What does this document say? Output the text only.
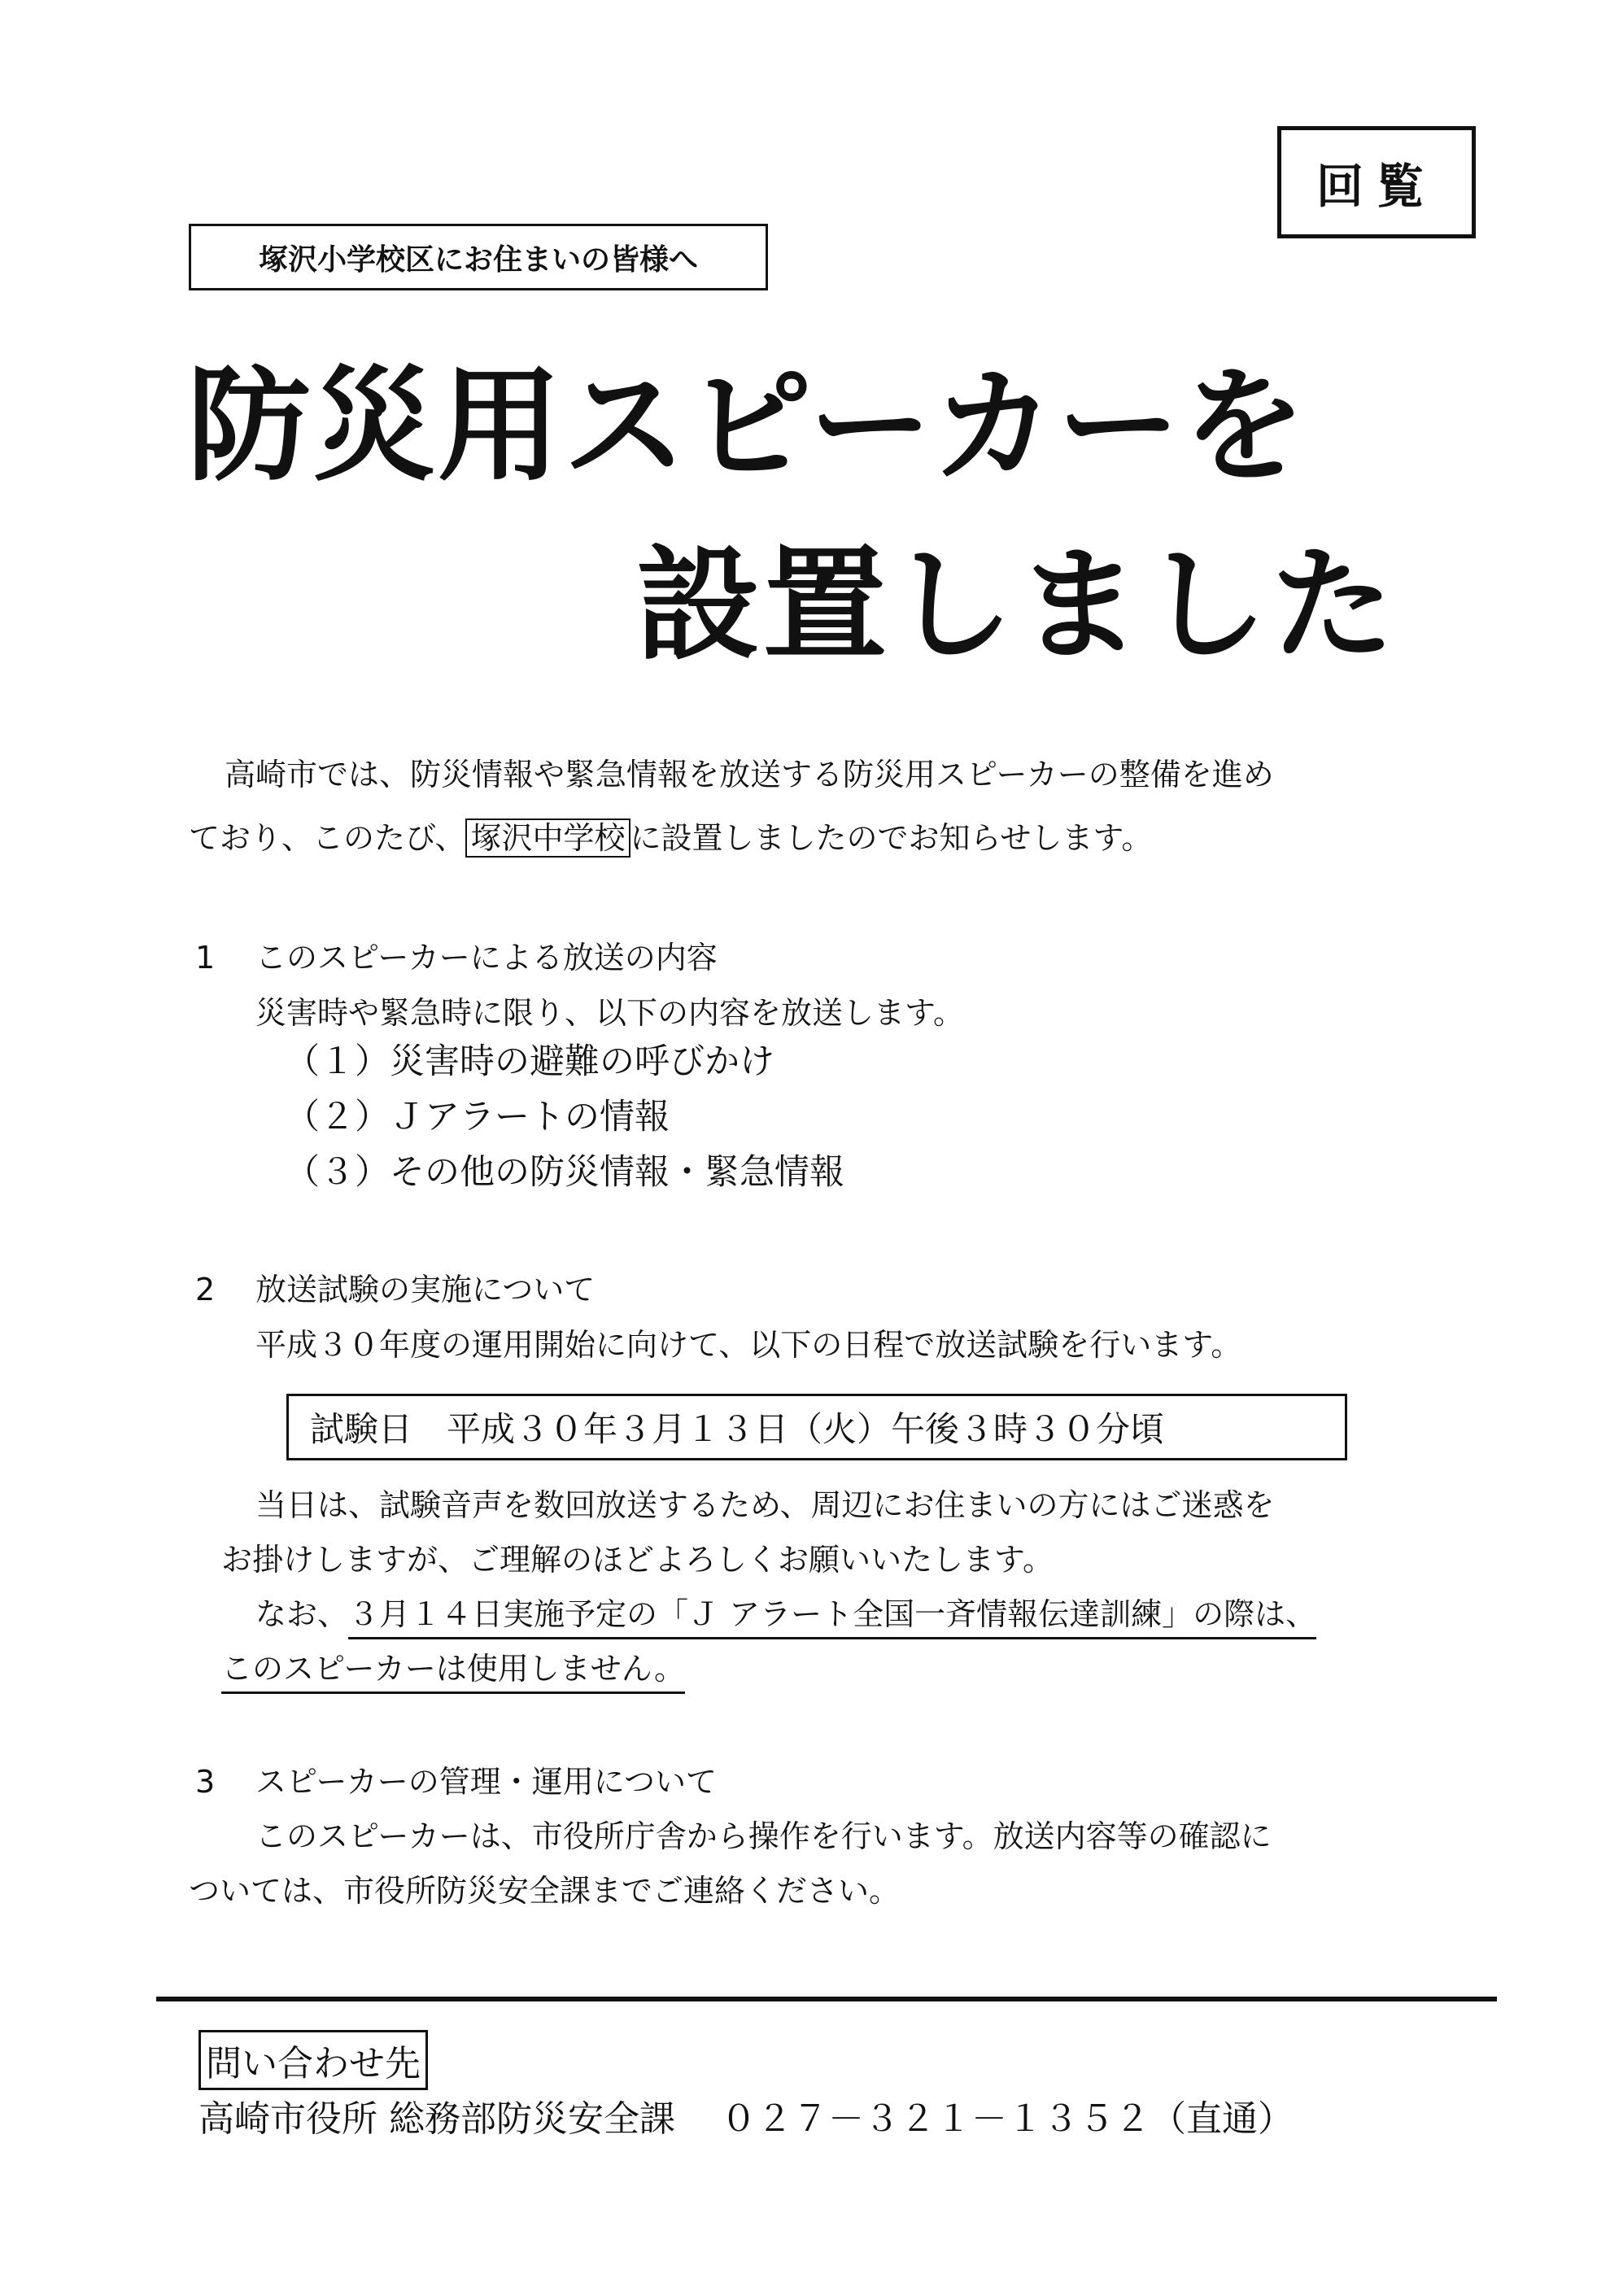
回覧
塚沢小学校区にお住まいの皆様へ
防災用スピーカーを
設置しました

高崎市では、防災情報や緊急情報を放送する防災用スピーカーの整備を進め

ており、このたび、 塚沢中学校 に設置しましたのでお知らせします。

1 このスピーカーによる放送の内容

災害時や緊急時に限り、以下の内容を放送します。

（１）災害時の避難の呼びかけ

（２）Ｊアラートの情報

（３）その他の防災情報・緊急情報

2 放送試験の実施について

平成３０年度の運用開始に向けて、以下の日程で放送試験を行います。

試験日　平成３０年３月１３日（火）午後３時３０分頃

当日は、試験音声を数回放送するため、周辺にお住まいの方にはご迷惑を

お掛けしますが、ご理解のほどよろしくお願いいたします。

なお、３月１４日実施予定の「Ｊ アラート全国一斉情報伝達訓練」の際は、

このスピーカーは使用しません。

3 スピーカーの管理・運用について

このスピーカーは、市役所庁舎から操作を行います。放送内容等の確認に

ついては、市役所防災安全課までご連絡ください。

問い合わせ先

高崎市役所 総務部防災安全課 ０２７－３２１－１３５２（直通）
